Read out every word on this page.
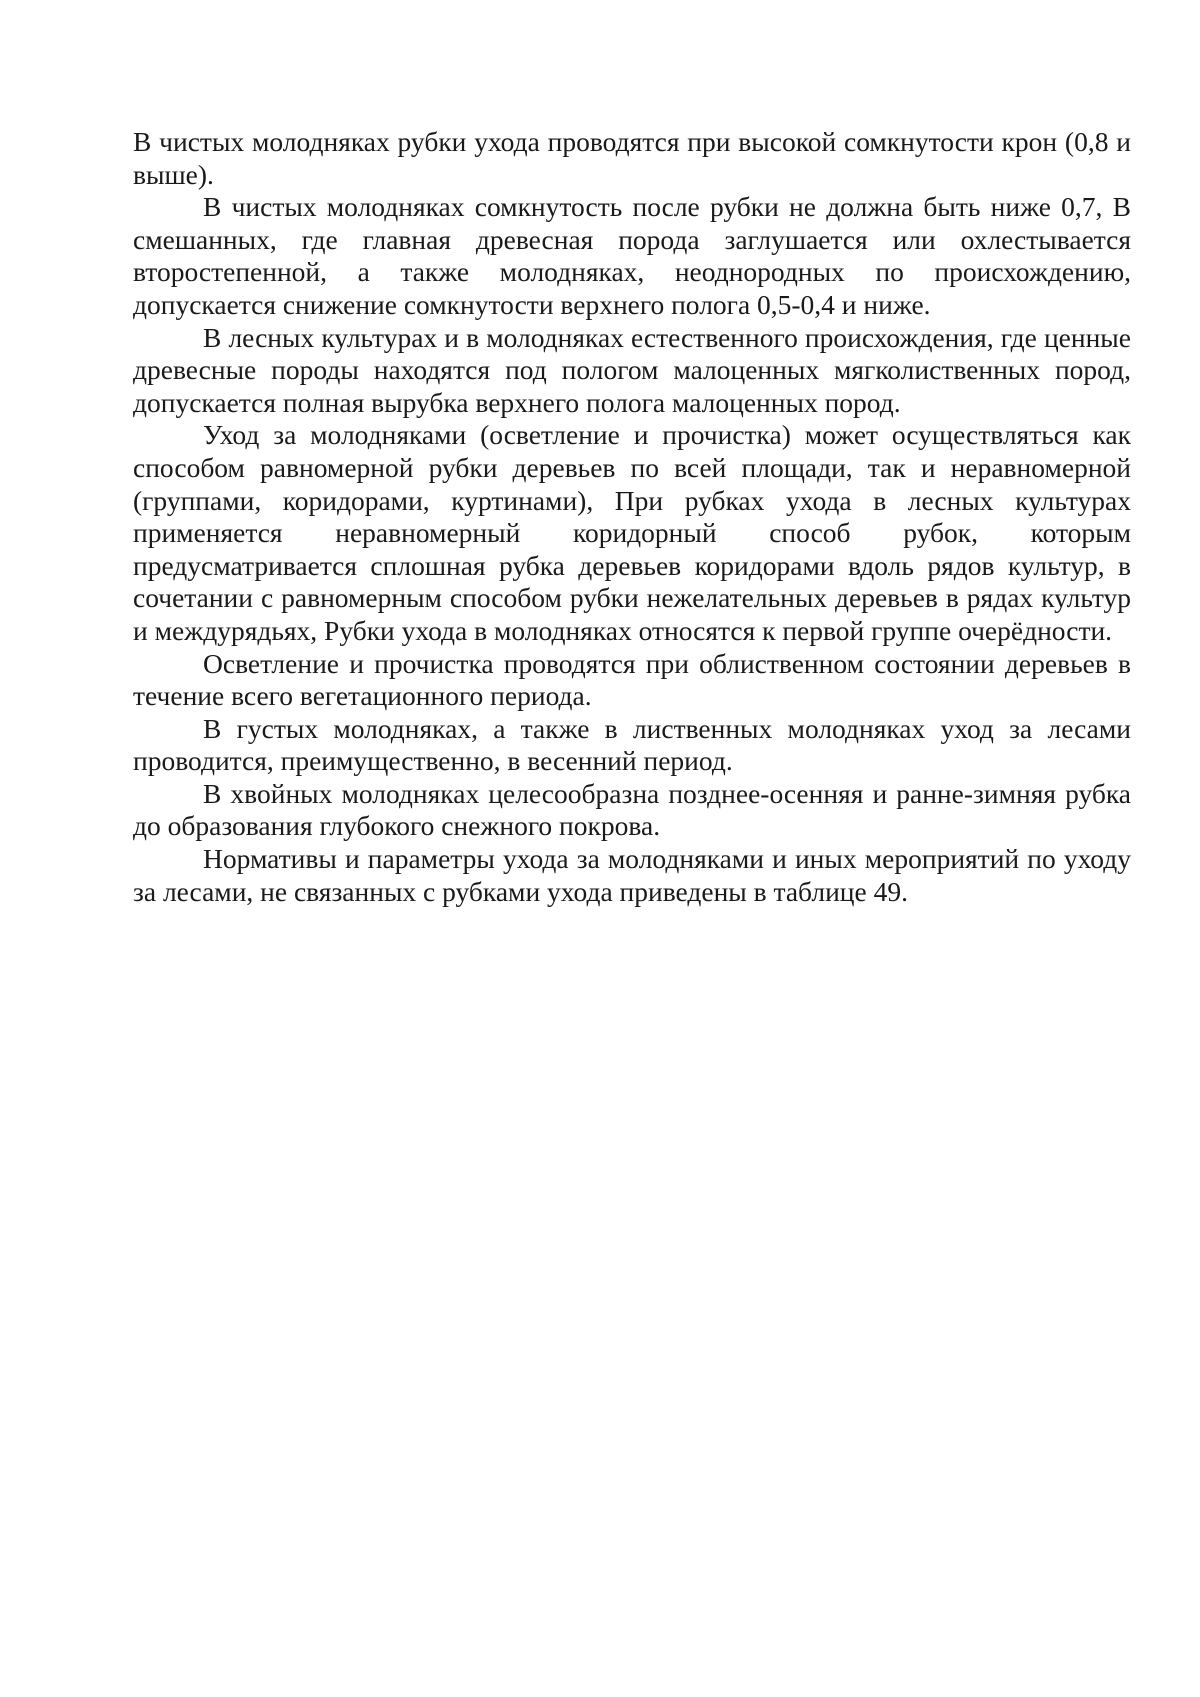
В чистых молодняках рубки ухода проводятся при высокой сомкнутости крон (0,8 и выше).

В чистых молодняках сомкнутость после рубки не должна быть ниже 0,7, В смешанных, где главная древесная порода заглушается или охлестывается второстепенной, а также молодняках, неоднородных по происхождению, допускается снижение сомкнутости верхнего полога 0,5-0,4 и ниже.

В лесных культурах и в молодняках естественного происхождения, где ценные древесные породы находятся под пологом малоценных мягколиственных пород, допускается полная вырубка верхнего полога малоценных пород.

Уход за молодняками (осветление и прочистка) может осуществляться как способом равномерной рубки деревьев по всей площади, так и неравномерной (группами, коридорами, куртинами), При рубках ухода в лесных культурах применяется неравномерный коридорный способ рубок, которым предусматривается сплошная рубка деревьев коридорами вдоль рядов культур, в сочетании с равномерным способом рубки нежелательных деревьев в рядах культур и междурядьях, Рубки ухода в молодняках относятся к первой группе очерёдности.

Осветление и прочистка проводятся при облиственном состоянии деревьев в течение всего вегетационного периода.

В густых молодняках, а также в лиственных молодняках уход за лесами проводится, преимущественно, в весенний период.

В хвойных молодняках целесообразна позднее-осенняя и ранне-зимняя рубка до образования глубокого снежного покрова.

Нормативы и параметры ухода за молодняками и иных мероприятий по уходу за лесами, не связанных с рубками ухода приведены в таблице 49.
